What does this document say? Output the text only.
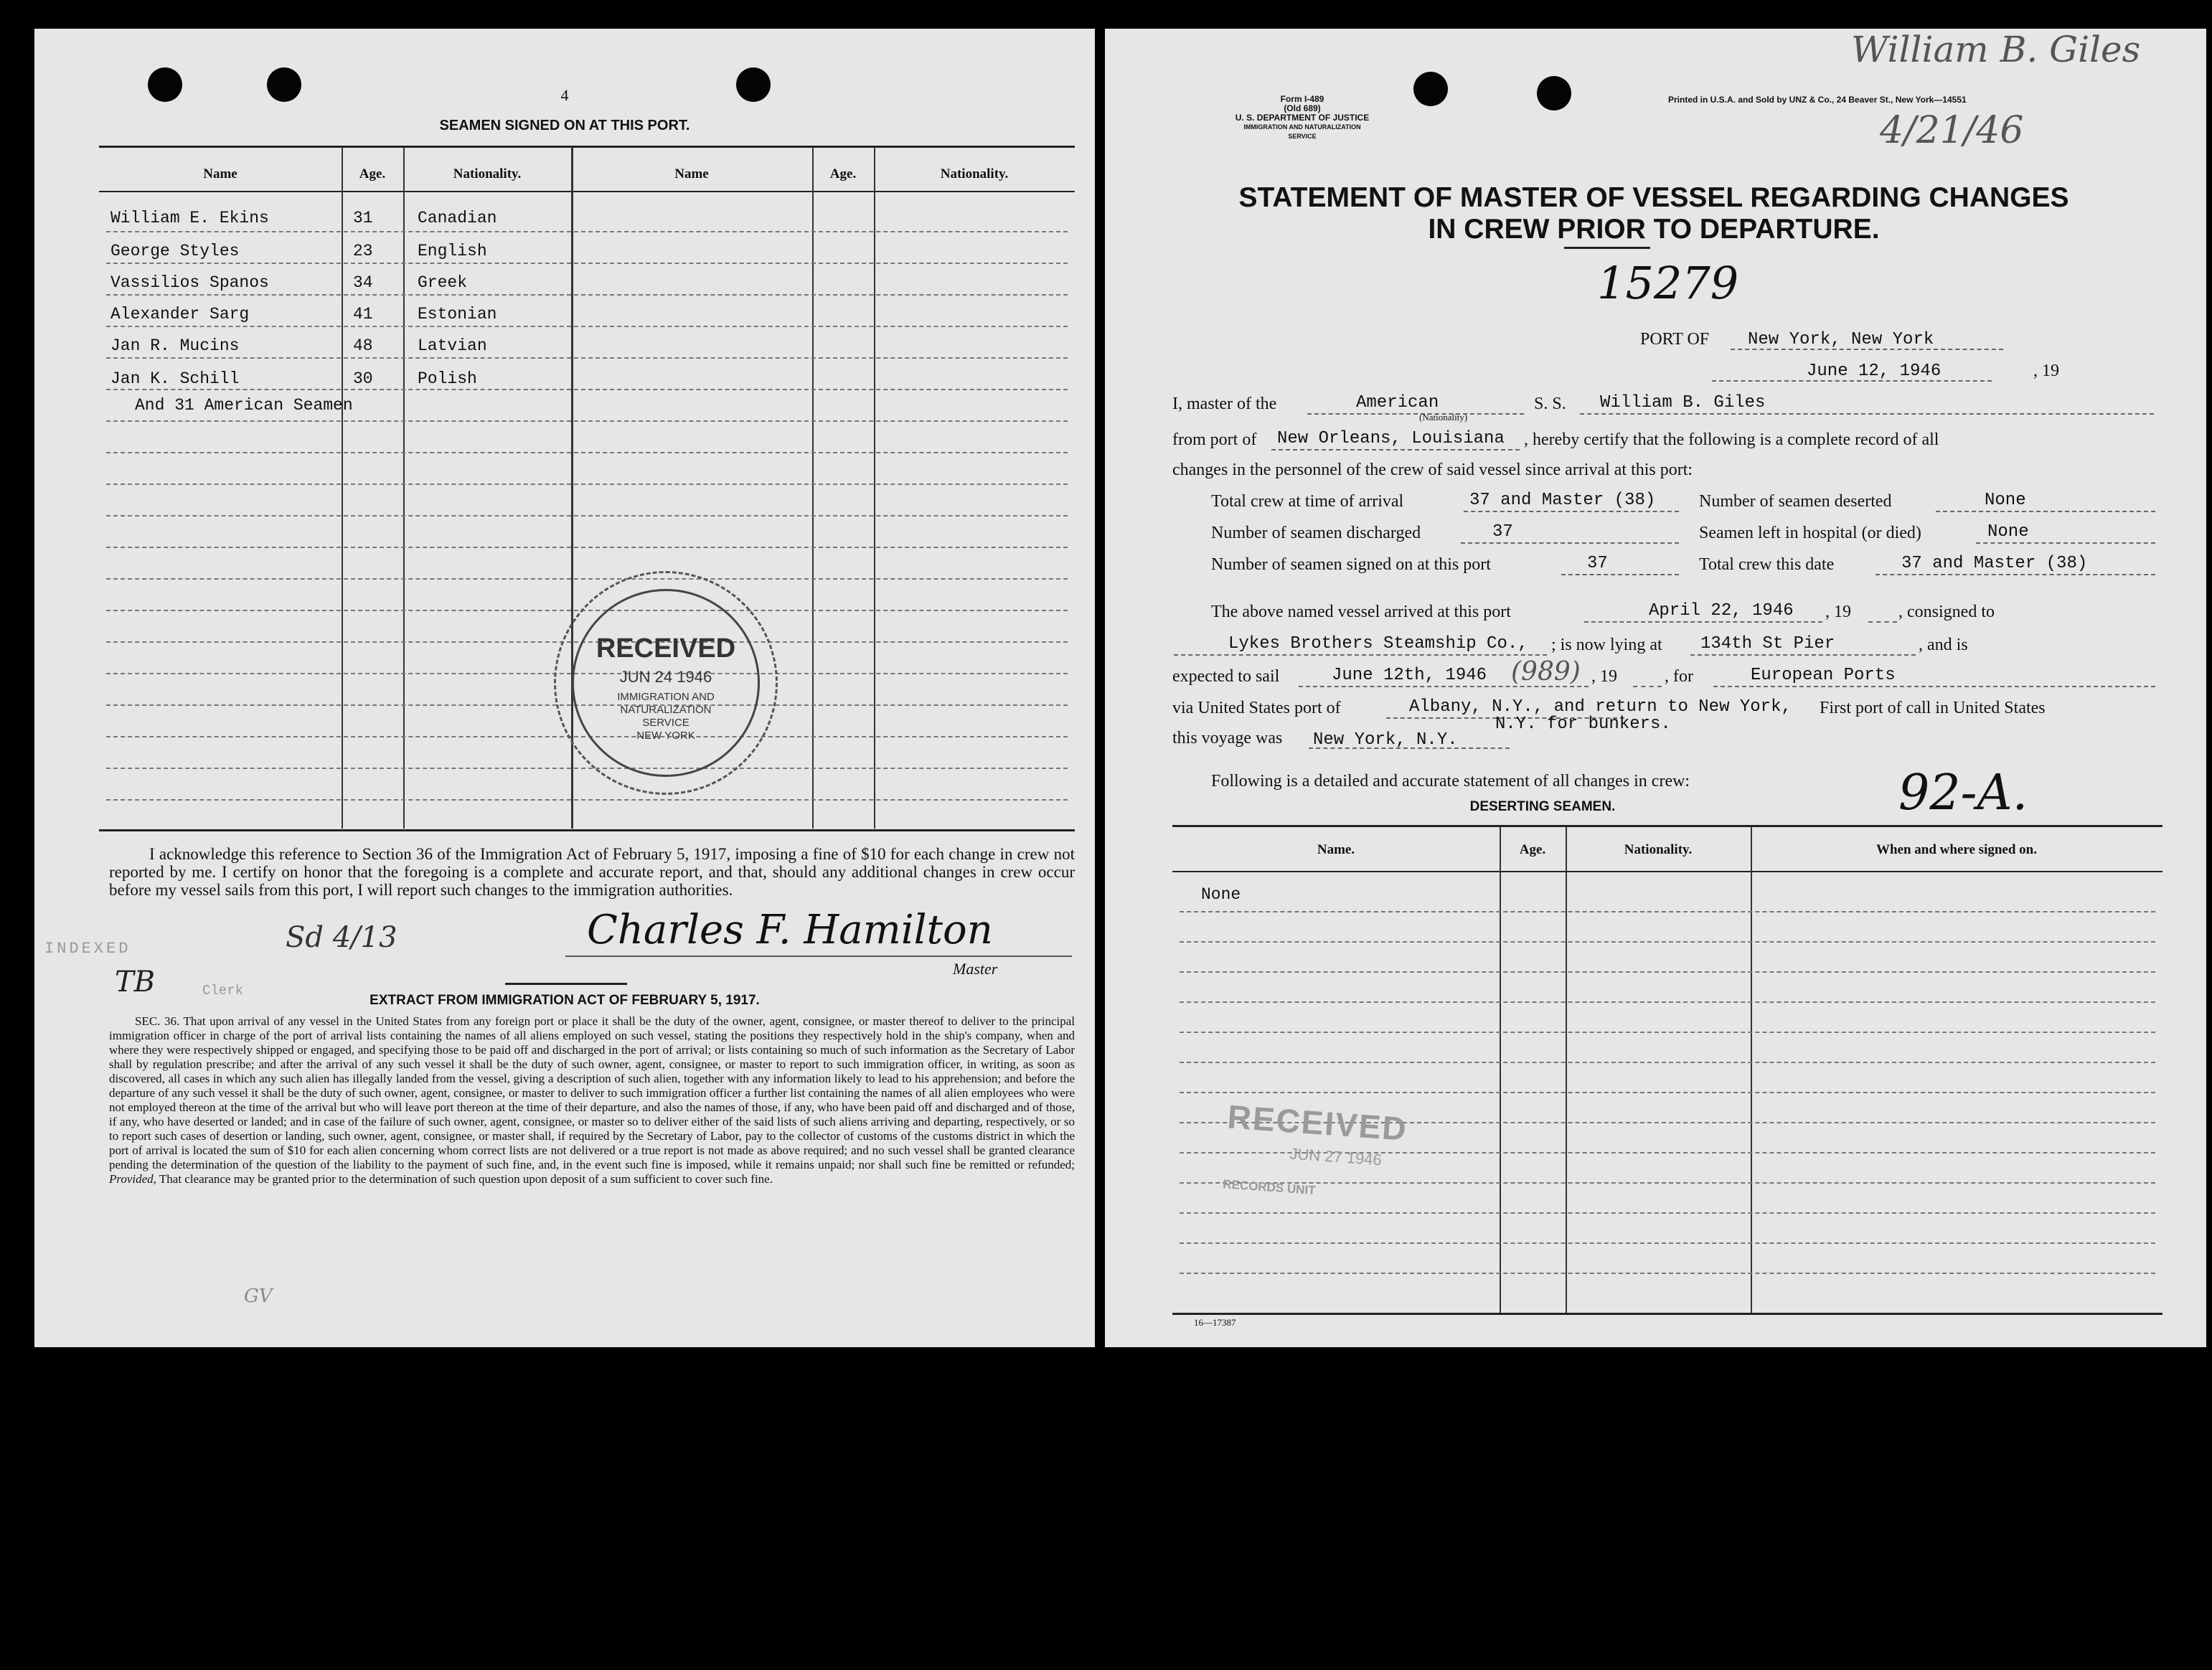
4
SEAMEN SIGNED ON AT THIS PORT.
Name	Age.	Nationality.	Name	Age.	Nationality.
William E. Ekins	31	Canadian
George Styles	23	English
Vassilios Spanos	34	Greek
Alexander Sarg	41	Estonian
Jan R. Mucins	48	Latvian
Jan K. Schill	30	Polish
And 31 American Seamen
RECEIVED
JUN 24 1946
IMMIGRATION AND
NATURALIZATION
SERVICE
NEW YORK
I acknowledge this reference to Section 36 of the Immigration Act of February 5, 1917, imposing a fine of $10 for each change in crew not reported by me. I certify on honor that the foregoing is a complete and accurate report, and that, should any additional changes in crew occur before my vessel sails from this port, I will report such changes to the immigration authorities.
INDEXED	Sd 4/13
TB	Clerk
Charles F. Hamilton
Master
EXTRACT FROM IMMIGRATION ACT OF FEBRUARY 5, 1917.
SEC. 36. That upon arrival of any vessel in the United States from any foreign port or place it shall be the duty of the owner, agent, consignee, or master thereof to deliver to the principal immigration officer in charge of the port of arrival lists containing the names of all aliens employed on such vessel, stating the positions they respectively hold in the ship's company, when and where they were respectively shipped or engaged, and specifying those to be paid off and discharged in the port of arrival; or lists containing so much of such information as the Secretary of Labor shall by regulation prescribe; and after the arrival of any such vessel it shall be the duty of such owner, agent, consignee, or master to report to such immigration officer, in writing, as soon as discovered, all cases in which any such alien has illegally landed from the vessel, giving a description of such alien, together with any information likely to lead to his apprehension; and before the departure of any such vessel it shall be the duty of such owner, agent, consignee, or master to deliver to such immigration officer a further list containing the names of all alien employees who were not employed thereon at the time of the arrival but who will leave port thereon at the time of their departure, and also the names of those, if any, who have been paid off and discharged and of those, if any, who have deserted or landed; and in case of the failure of such owner, agent, consignee, or master so to deliver either of the said lists of such aliens arriving and departing, respectively, or so to report such cases of desertion or landing, such owner, agent, consignee, or master shall, if required by the Secretary of Labor, pay to the collector of customs of the customs district in which the port of arrival is located the sum of $10 for each alien concerning whom correct lists are not delivered or a true report is not made as above required; and no such vessel shall be granted clearance pending the determination of the question of the liability to the payment of such fine, and, in the event such fine is imposed, while it remains unpaid; nor shall such fine be remitted or refunded; Provided, That clearance may be granted prior to the determination of such question upon deposit of a sum sufficient to cover such fine.
GV
William B. Giles
4/21/46
Form I-489
(Old 689)
U. S. DEPARTMENT OF JUSTICE
IMMIGRATION AND NATURALIZATION SERVICE
Printed in U.S.A. and Sold by UNZ & Co., 24 Beaver St., New York—14551
STATEMENT OF MASTER OF VESSEL REGARDING CHANGES
IN CREW PRIOR TO DEPARTURE.
15279
PORT OF New York, New York
June 12, 1946	, 19
I, master of the	American
(Nationality)
S. S. William B. Giles
from port of New Orleans, Louisiana , hereby certify that the following is a complete record of all
changes in the personnel of the crew of said vessel since arrival at this port:
Total crew at time of arrival	37 and Master (38)	Number of seamen deserted	None
Number of seamen discharged	37	Seamen left in hospital (or died)	None
Number of seamen signed on at this port	37	Total crew this date	37 and Master (38)
The above named vessel arrived at this port	April 22, 1946 , 19	, consigned to
Lykes Brothers Steamship Co., ; is now lying at 134th St Pier	, and is
expected to sail	June 12th, 1946 (989) , 19	, for	European Ports
via United States port of	Albany, N.Y., and return to New York, First port of call in United States
N.Y. for bunkers.
this voyage was New York, N.Y.
Following is a detailed and accurate statement of all changes in crew:	92-A.
DESERTING SEAMEN.
Name.	Age.	Nationality.	When and where signed on.
None
RECEIVED
JUN 27 1946
RECORDS UNIT
16—17387
